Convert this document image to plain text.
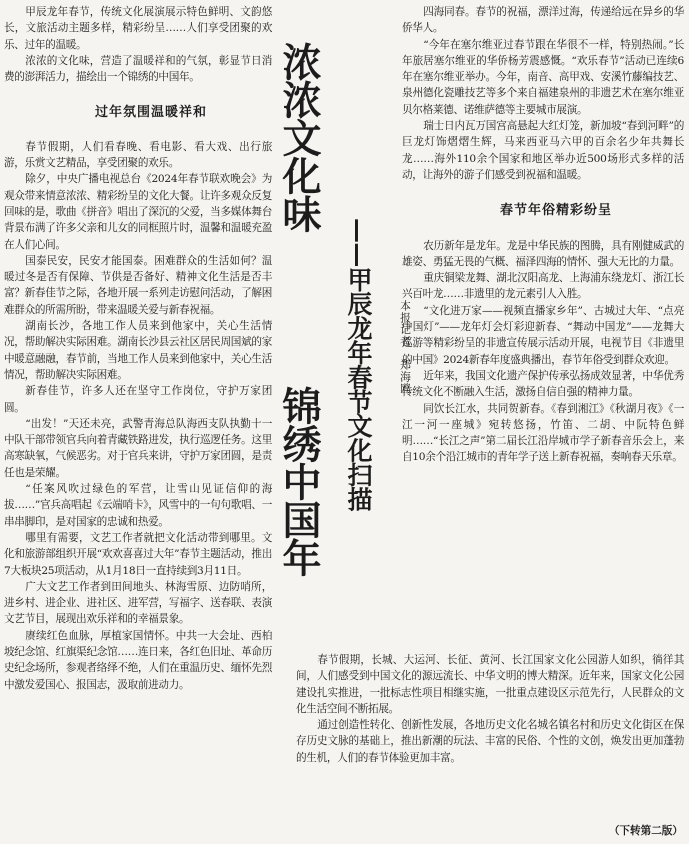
甲辰龙年春节，传统文化展演展示特色鲜明、文韵悠长，文旅活动主题多样，精彩纷呈……人们享受团聚的欢乐、过年的温暖。

浓浓的文化味，营造了温暖祥和的气氛，彰显节日消费的澎湃活力，描绘出一个锦绣的中国年。

过年氛围温暖祥和

春节假期，人们看春晚、看电影、看大戏、出行旅游，乐赏文艺精品，享受团聚的欢乐。

除夕，中央广播电视总台《2024年春节联欢晚会》为观众带来情意浓浓、精彩纷呈的文化大餐。让许多观众反复回味的是，歌曲《拼音》唱出了深沉的父爱，当多媒体舞台背景布满了许多父亲和儿女的同框照片时，温馨和温暖充盈在人们心间。

国泰民安，民安才能国泰。困难群众的生活如何？温暖过冬是否有保障、节供是否备好、精神文化生活是否丰富？新春佳节之际，各地开展一系列走访慰问活动，了解困难群众的所需所盼，带来温暖关爱与新春祝福。

湖南长沙，各地工作人员来到他家中，关心生活情况，帮助解决实际困难。湖南长沙县云社区居民周国斌的家中暖意融融，春节前，当地工作人员来到他家中，关心生活情况，帮助解决实际困难。

新春佳节，许多人还在坚守工作岗位，守护万家团圆。

“出发！”天还未亮，武警青海总队海西支队执勤十一中队干部带领官兵向着青藏铁路进发，执行巡逻任务。这里高寒缺氧，气候恶劣。对于官兵来讲，守护万家团圆，是责任也是荣耀。

“任案风吹过绿色的军营，让雪山见证信仰的海拔……”官兵高唱起《云端哨卡》，风雪中的一句句歌唱、一串串脚印，是对国家的忠诚和热爱。

哪里有需要，文艺工作者就把文化活动带到哪里。文化和旅游部组织开展“欢欢喜喜过大年”春节主题活动，推出7大板块25项活动，从1月18日一直持续到3月11日。

广大文艺工作者到田间地头、林海雪原、边防哨所，进乡村、进企业、进社区、进军营，写福字、送春联、表演文艺节目，展现出欢乐祥和的幸福景象。

赓续红色血脉，厚植家国情怀。中共一大会址、西柏坡纪念馆、红旗渠纪念馆……连日来，各红色旧址、革命历史纪念场所，参观者络绎不绝，人们在重温历史、缅怀先烈中激发爱国心、报国志，汲取前进动力。

浓浓文化味
锦绣中国年 ——甲辰龙年春节文化扫描 本报记者　郑海鸥

四海同春。春节的祝福，漂洋过海，传递给远在异乡的华侨华人。

“今年在塞尔维亚过春节跟在华很不一样，特别热闹。”长年旅居塞尔维亚的华侨杨芳震感慨。“欢乐春节”活动已连续6年在塞尔维亚举办。今年，南音、高甲戏、安溪竹藤编技艺、泉州德化瓷雕技艺等多个来自福建泉州的非遗艺术在塞尔维亚贝尔格莱德、诺维萨德等主要城市展演。

瑞士日内瓦万国宫高悬起大红灯笼，新加坡“春到河畔”的巨龙灯饰熠熠生辉，马来西亚马六甲的百余名少年共舞长龙……海外110余个国家和地区举办近500场形式多样的活动，让海外的游子们感受到祝福和温暖。

春节年俗精彩纷呈

农历新年是龙年。龙是中华民族的图腾，具有刚健威武的雄姿、勇猛无畏的气概、福泽四海的情怀、强大无比的力量。

重庆铜梁龙舞、湖北汉阳高龙、上海浦东绕龙灯、浙江长兴百叶龙……非遗里的龙元素引人入胜。

“文化进万家——视频直播家乡年”、古城过大年、“点亮中国灯”——龙年灯会灯彩迎新春、“舞动中国龙”——龙舞大巡游等精彩纷呈的非遗宣传展示活动开展，电视节目《非遗里的中国》2024新春年度盛典播出，春节年俗受到群众欢迎。

近年来，我国文化遗产保护传承弘扬成效显著，中华优秀传统文化不断融入生活，激扬自信自强的精神力量。

同饮长江水，共同贺新春。《春到湘江》《秋湖月夜》《一江一河一座城》宛转悠扬，竹笛、二胡、中阮特色鲜明……“长江之声”第二届长江沿岸城市学子新春音乐会上，来自10余个沿江城市的青年学子送上新春祝福，奏响春天乐章。

春节假期，长城、大运河、长征、黄河、长江国家文化公园游人如织，徜徉其间，人们感受到中国文化的源远流长、中华文明的博大精深。近年来，国家文化公园建设扎实推进，一批标志性项目相继实施，一批重点建设区示范先行，人民群众的文化生活空间不断拓展。

通过创造性转化、创新性发展，各地历史文化名城名镇名村和历史文化街区在保存历史文脉的基础上，推出新潮的玩法、丰富的民俗、个性的文创，焕发出更加蓬勃的生机，人们的春节体验更加丰富。

（下转第二版）
